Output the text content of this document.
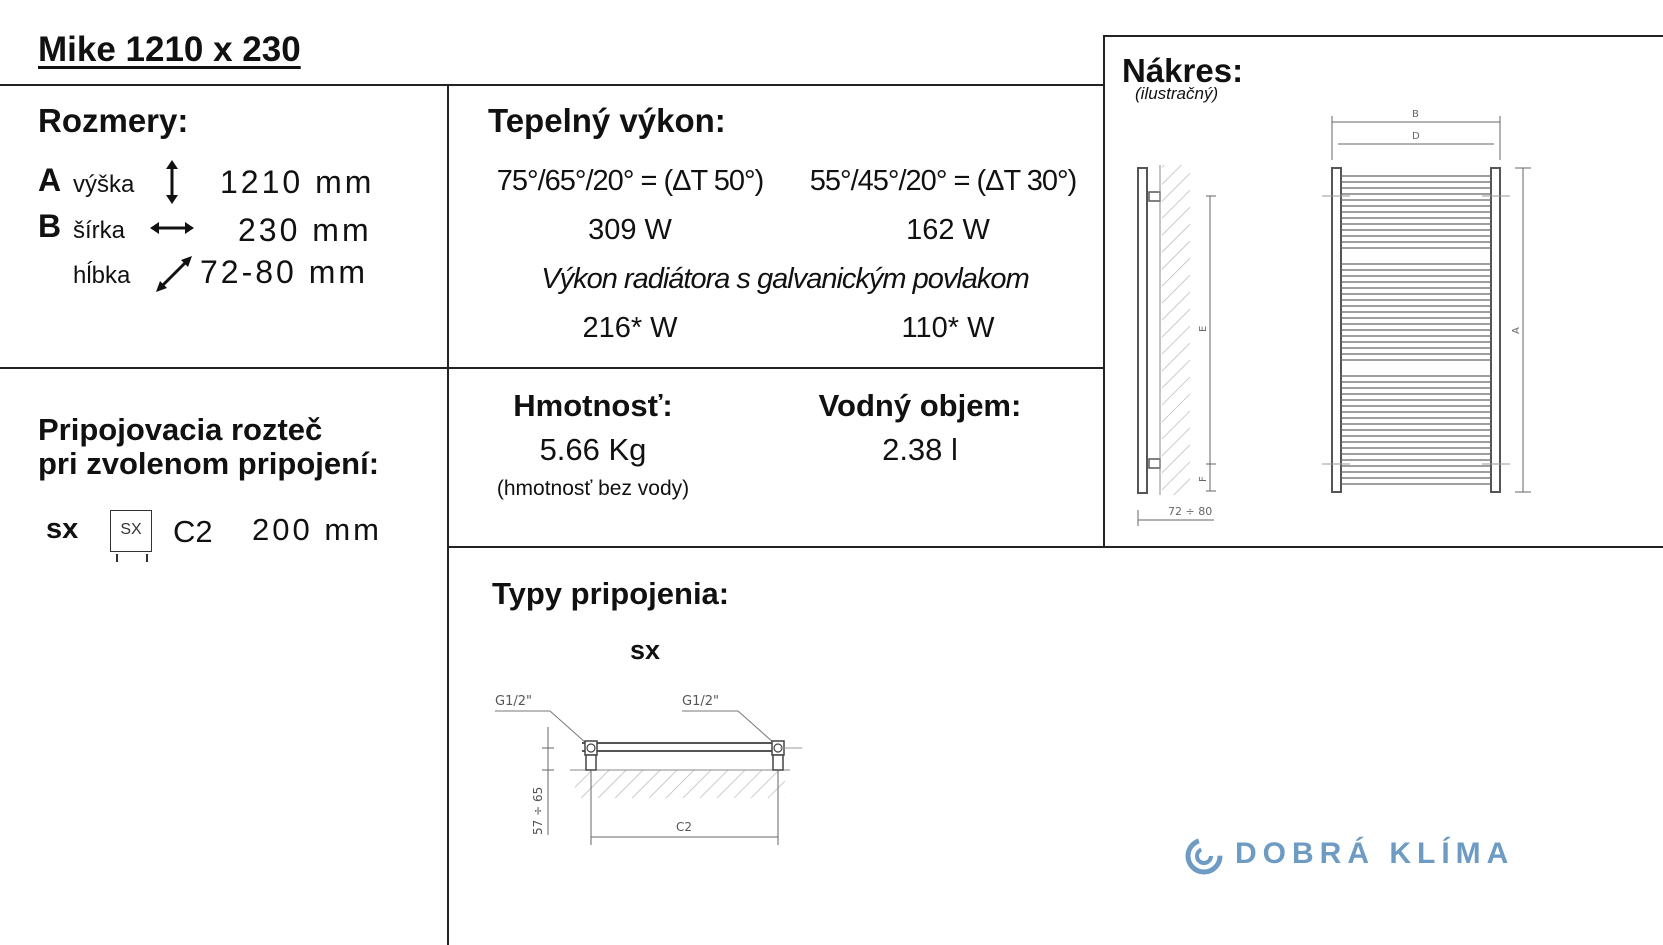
Mike 1210 x 230
Rozmery:
A výška	1210 mm
B šírka	230 mm
hĺbka 72-80 mm
Tepelný výkon:
75°/65°/20° = (ΔT 50°)	55°/45°/20° = (ΔT 30°)
309 W	162 W
Výkon radiátora s galvanickým povlakom
216* W	110* W
Nákres:
(ilustračný)
E
F
72 ÷ 80
B
D
A
Pripojovacia rozteč
pri zvolenom pripojení:
sx	SX	C2 200 mm
Hmotnosť:
5.66 Kg
(hmotnosť bez vody)
Vodný objem:
2.38 l
Typy pripojenia:
sx
G1/2"	G1/2"
57 ÷ 65	C2
DOBRÁ KLÍMA
